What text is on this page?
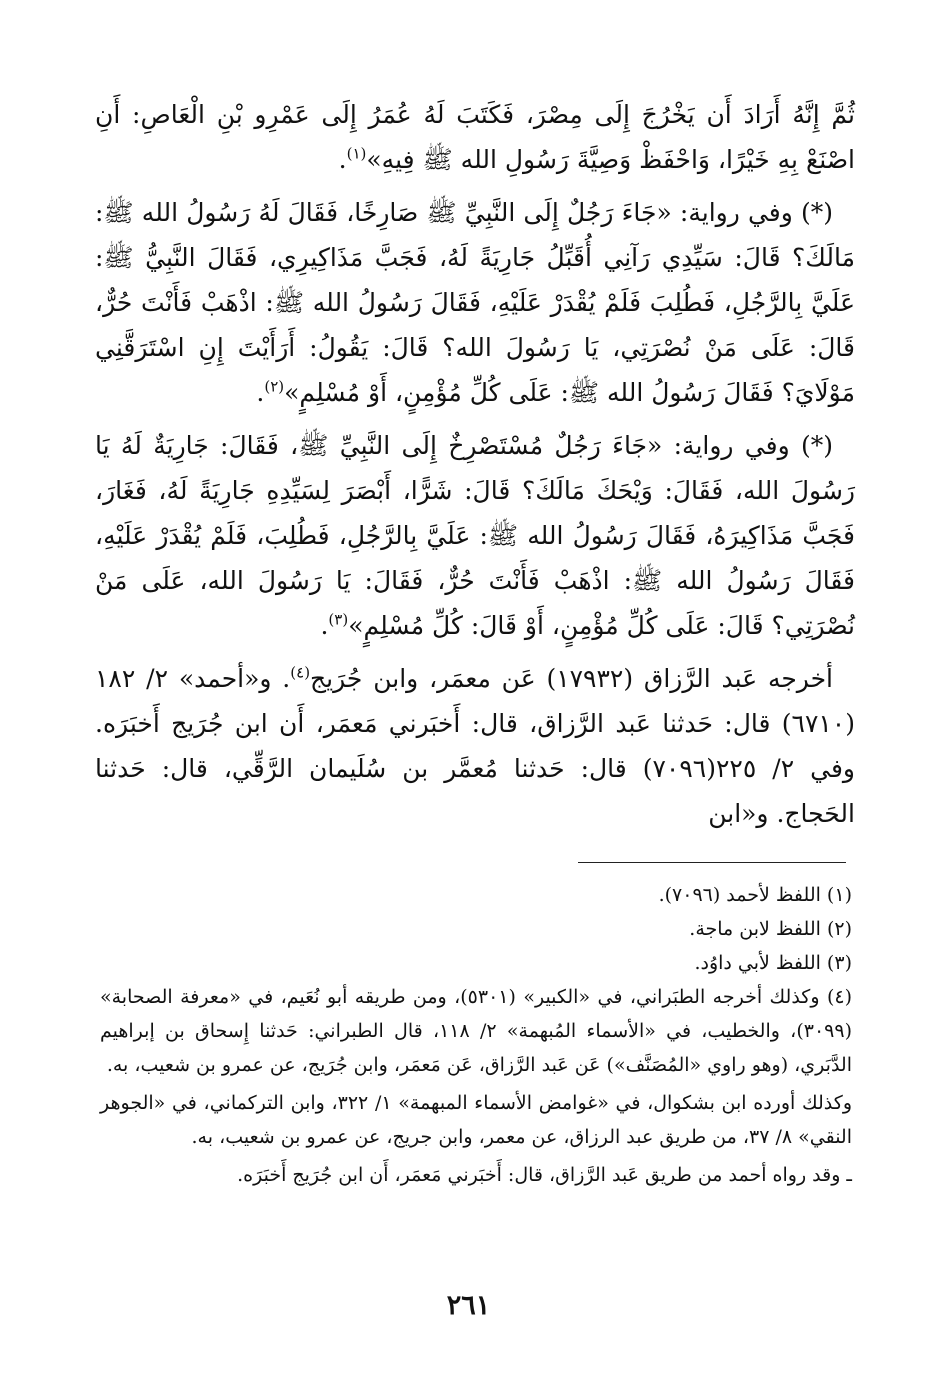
ثُمَّ إِنَّهُ أَرَادَ أَن يَخْرُجَ إِلَى مِصْرَ، فَكَتَبَ لَهُ عُمَرُ إِلَى عَمْرِو بْنِ الْعَاصِ: أَنِ اصْنَعْ بِهِ خَيْرًا، وَاحْفَظْ وَصِيَّةَ رَسُولِ الله ﷺ فِيهِ»$^{(١)}$.

(*) وفي رواية: «جَاءَ رَجُلٌ إِلَى النَّبِيِّ ﷺ صَارِخًا، فَقَالَ لَهُ رَسُولُ الله ﷺ: مَالَكَ؟ قَالَ: سَيِّدِي رَآنِي أُقَبِّلُ جَارِيَةً لَهُ، فَجَبَّ مَذَاكِيرِي، فَقَالَ النَّبِيُّ ﷺ: عَلَيَّ بِالرَّجُلِ، فَطُلِبَ فَلَمْ يُقْدَرْ عَلَيْهِ، فَقَالَ رَسُولُ الله ﷺ: اذْهَبْ فَأَنْتَ حُرٌّ، قَالَ: عَلَى مَنْ نُصْرَتِي، يَا رَسُولَ الله؟ قَالَ: يَقُولُ: أَرَأَيْتَ إِنِ اسْتَرَقَّنِي مَوْلَايَ؟ فَقَالَ رَسُولُ الله ﷺ: عَلَى كُلِّ مُؤْمِنٍ، أَوْ مُسْلِمٍ»$^{(٢)}$.

(*) وفي رواية: «جَاءَ رَجُلٌ مُسْتَصْرِخٌ إِلَى النَّبِيِّ ﷺ، فَقَالَ: جَارِيَةٌ لَهُ يَا رَسُولَ الله، فَقَالَ: وَيْحَكَ مَالَكَ؟ قَالَ: شَرًّا، أَبْصَرَ لِسَيِّدِهِ جَارِيَةً لَهُ، فَغَارَ، فَجَبَّ مَذَاكِيرَهُ، فَقَالَ رَسُولُ الله ﷺ: عَلَيَّ بِالرَّجُلِ، فَطُلِبَ، فَلَمْ يُقْدَرْ عَلَيْهِ، فَقَالَ رَسُولُ الله ﷺ: اذْهَبْ فَأَنْتَ حُرٌّ، فَقَالَ: يَا رَسُولَ الله، عَلَى مَنْ نُصْرَتِي؟ قَالَ: عَلَى كُلِّ مُؤْمِنٍ، أَوْ قَالَ: كُلِّ مُسْلِمٍ»$^{(٣)}$.

أخرجه عَبد الرَّزاق (١٧٩٣٢) عَن معمَر، وابن جُرَيج$^{(٤)}$. و«أحمد» ٢/ ١٨٢ (٦٧١٠) قال: حَدثنا عَبد الرَّزاق، قال: أَخبَرني مَعمَر، أَن ابن جُرَيج أَخبَرَه. وفي ٢/ ٢٢٥(٧٠٩٦) قال: حَدثنا مُعمَّر بن سُلَيمان الرَّقِّي، قال: حَدثنا الحَجاج. و«ابن

(١) اللفظ لأحمد (٧٠٩٦).

(٢) اللفظ لابن ماجة.

(٣) اللفظ لأبي داوُد.

(٤) وكذلك أخرجه الطبَراني، في «الكبير» (٥٣٠١)، ومن طريقه أبو نُعَيم، في «معرفة الصحابة» (٣٠٩٩)، والخطيب، في «الأسماء المُبهمة» ٢/ ١١٨، قال الطبراني: حَدثنا إِسحاق بن إبراهيم الدَّبَري، (وهو راوي «المُصَنَّف») عَن عَبد الرَّزاق، عَن مَعمَر، وابن جُرَيج، عن عمرو بن شعيب، به.

وكذلك أورده ابن بشكوال، في «غوامض الأسماء المبهمة» ١/ ٣٢٢، وابن التركماني، في «الجوهر النقي» ٨/ ٣٧، من طريق عبد الرزاق، عن معمر، وابن جريج، عن عمرو بن شعيب، به.

ـ وقد رواه أحمد من طريق عَبد الرَّزاق، قال: أَخبَرني مَعمَر، أَن ابن جُرَيج أَخبَرَه.

٢٦١
